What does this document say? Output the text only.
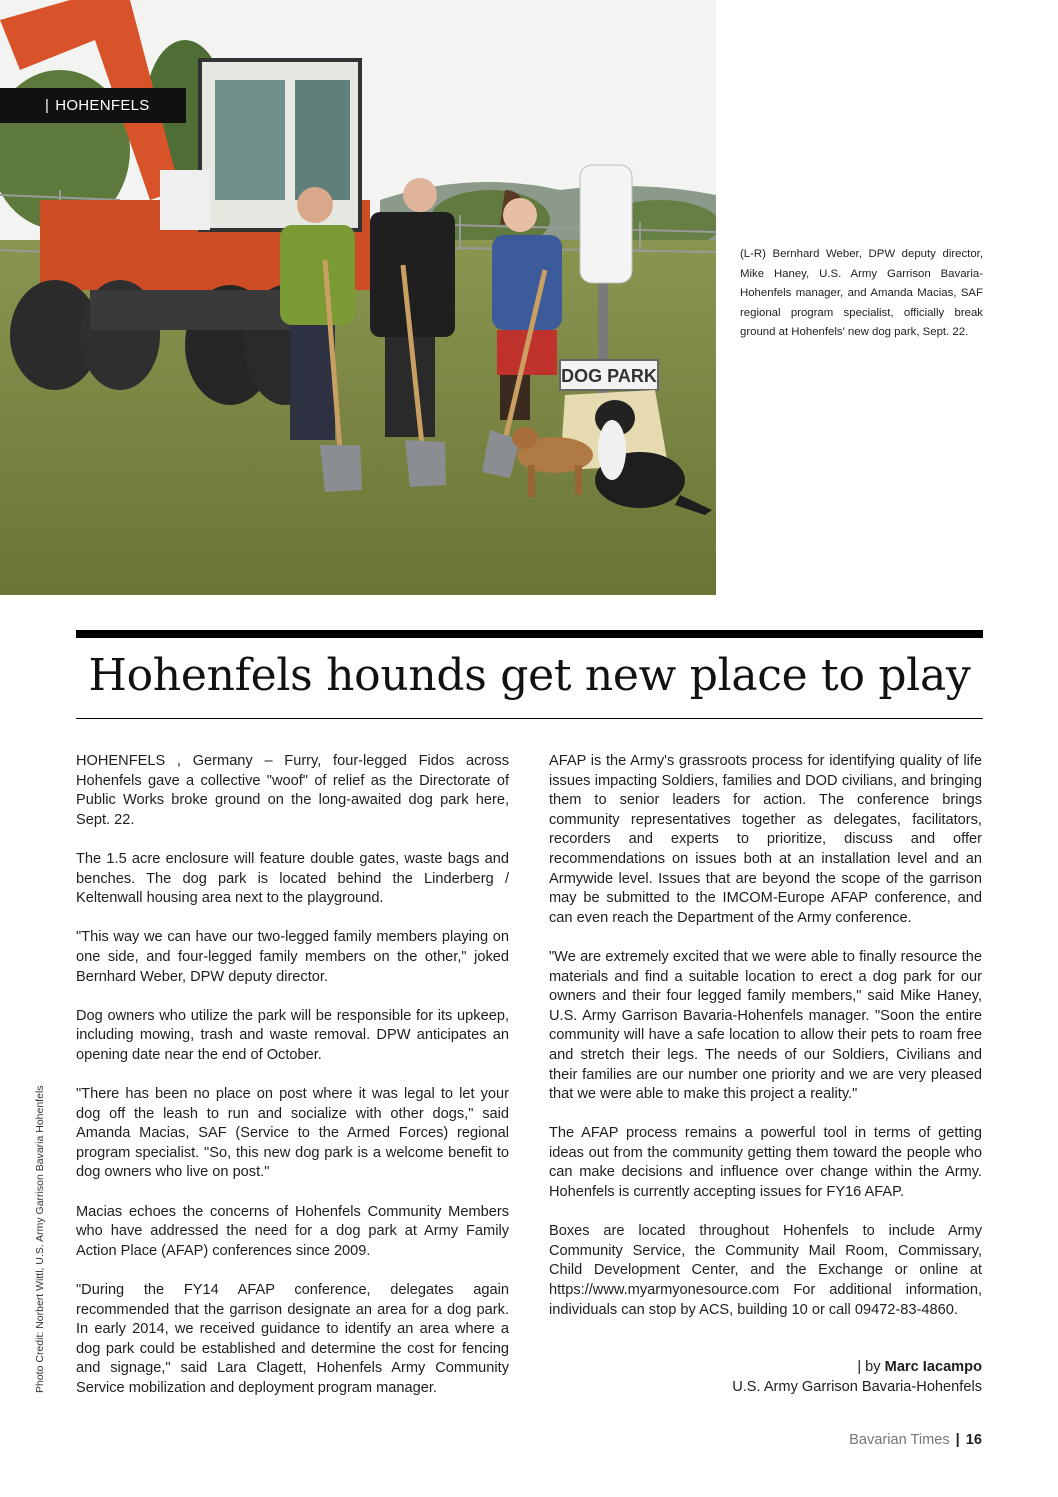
DOG PARK
| HOHENFELS
(L-R) Bernhard Weber, DPW deputy director, Mike Haney, U.S. Army Garrison Bavaria-Hohenfels manager, and Amanda Macias, SAF regional program specialist, officially break ground at Hohenfels' new dog park, Sept. 22.
Hohenfels hounds get new place to play

HOHENFELS , Germany – Furry, four-legged Fidos across Hohenfels gave a collective "woof" of relief as the Directorate of Public Works broke ground on the long-awaited dog park here, Sept. 22.

The 1.5 acre enclosure will feature double gates, waste bags and benches. The dog park is located behind the Linderberg / Keltenwall housing area next to the playground.

"This way we can have our two-legged family members playing on one side, and four-legged family members on the other," joked Bernhard Weber, DPW deputy director.

Dog owners who utilize the park will be responsible for its upkeep, including mowing, trash and waste removal. DPW anticipates an opening date near the end of October.

"There has been no place on post where it was legal to let your dog off the leash to run and socialize with other dogs," said Amanda Macias, SAF (Service to the Armed Forces) regional program specialist. "So, this new dog park is a welcome benefit to dog owners who live on post."

Macias echoes the concerns of Hohenfels Community Members who have addressed the need for a dog park at Army Family Action Place (AFAP) conferences since 2009.

"During the FY14 AFAP conference, delegates again recommended that the garrison designate an area for a dog park. In early 2014, we received guidance to identify an area where a dog park could be established and determine the cost for fencing and signage," said Lara Clagett, Hohenfels Army Community Service mobilization and deployment program manager.

AFAP is the Army's grassroots process for identifying quality of life issues impacting Soldiers, families and DOD civilians, and bringing them to senior leaders for action. The conference brings community representatives together as delegates, facilitators, recorders and experts to prioritize, discuss and offer recommendations on issues both at an installation level and an Armywide level. Issues that are beyond the scope of the garrison may be submitted to the IMCOM-Europe AFAP conference, and can even reach the Department of the Army conference.

"We are extremely excited that we were able to finally resource the materials and find a suitable location to erect a dog park for our owners and their four legged family members," said Mike Haney, U.S. Army Garrison Bavaria-Hohenfels manager. "Soon the entire community will have a safe location to allow their pets to roam free and stretch their legs. The needs of our Soldiers, Civilians and their families are our number one priority and we are very pleased that we were able to make this project a reality."

The AFAP process remains a powerful tool in terms of getting ideas out from the community getting them toward the people who can make decisions and influence over change within the Army. Hohenfels is currently accepting issues for FY16 AFAP.

Boxes are located throughout Hohenfels to include Army Community Service, the Community Mail Room, Commissary, Child Development Center, and the Exchange or online at https://www.myarmyonesource.com For additional information, individuals can stop by ACS, building 10 or call 09472-83-4860.

| by Marc Iacampo
U.S. Army Garrison Bavaria-Hohenfels
Photo Credit: Norbert Wittl, U.S. Army Garrison Bavaria Hohenfels
Bavarian Times | 16
